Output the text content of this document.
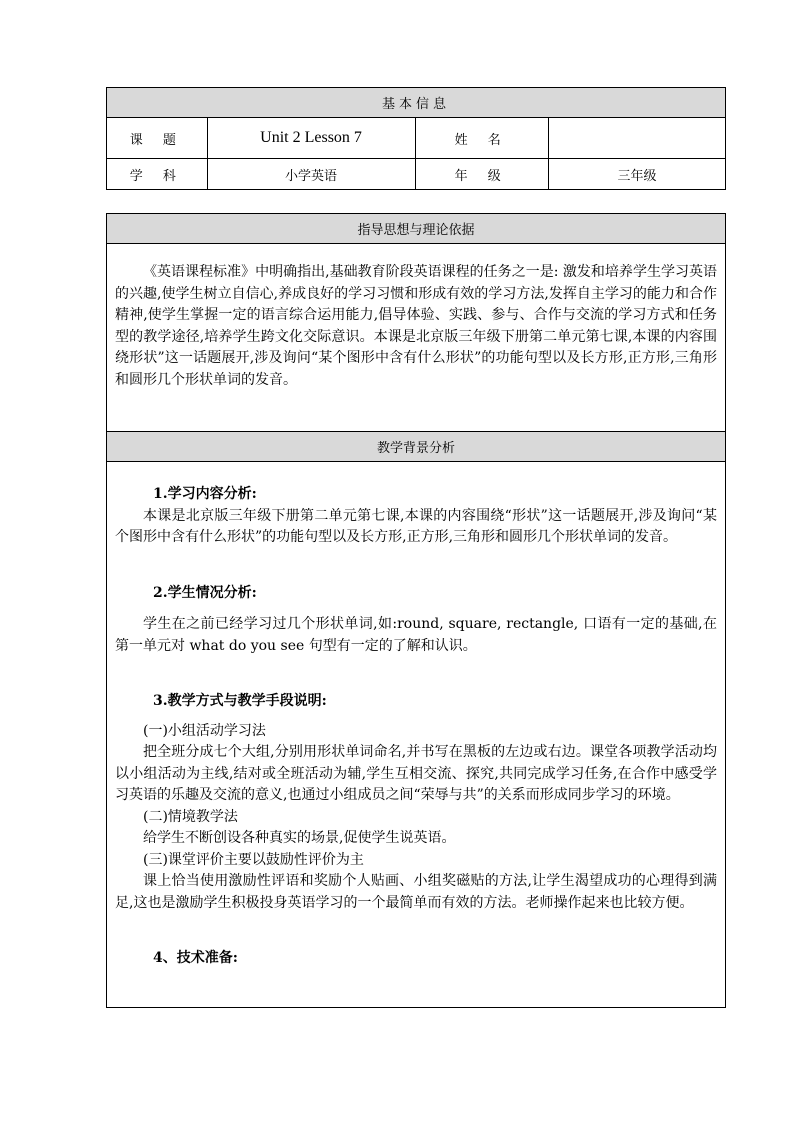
基本信息			
课 题	Unit 2 Lesson 7	姓 名	
学 科	小学英语	年 级	三年级
指导思想与理论依据

《英语课程标准》中明确指出,基础教育阶段英语课程的任务之一是: 激发和培养学生学习英语的兴趣,使学生树立自信心,养成良好的学习习惯和形成有效的学习方法,发挥自主学习的能力和合作精神,使学生掌握一定的语言综合运用能力,倡导体验、实践、参与、合作与交流的学习方式和任务型的教学途径,培养学生跨文化交际意识。本课是北京版三年级下册第二单元第七课,本课的内容围绕形状”这一话题展开,涉及询问“某个图形中含有什么形状”的功能句型以及长方形,正方形,三角形和圆形几个形状单词的发音。

教学背景分析

1.学习内容分析:

本课是北京版三年级下册第二单元第七课,本课的内容围绕“形状”这一话题展开,涉及询问“某个图形中含有什么形状”的功能句型以及长方形,正方形,三角形和圆形几个形状单词的发音。

2.学生情况分析:

学生在之前已经学习过几个形状单词,如:round, square, rectangle, 口语有一定的基础,在第一单元对 what do you see 句型有一定的了解和认识。

3.教学方式与教学手段说明:

(一)小组活动学习法

把全班分成七个大组,分别用形状单词命名,并书写在黑板的左边或右边。课堂各项教学活动均以小组活动为主线,结对或全班活动为辅,学生互相交流、探究,共同完成学习任务,在合作中感受学习英语的乐趣及交流的意义,也通过小组成员之间“荣辱与共”的关系而形成同步学习的环境。

(二)情境教学法

给学生不断创设各种真实的场景,促使学生说英语。

(三)课堂评价主要以鼓励性评价为主

课上恰当使用激励性评语和奖励个人贴画、小组奖磁贴的方法,让学生渴望成功的心理得到满足,这也是激励学生积极投身英语学习的一个最简单而有效的方法。老师操作起来也比较方便。

4、技术准备:
